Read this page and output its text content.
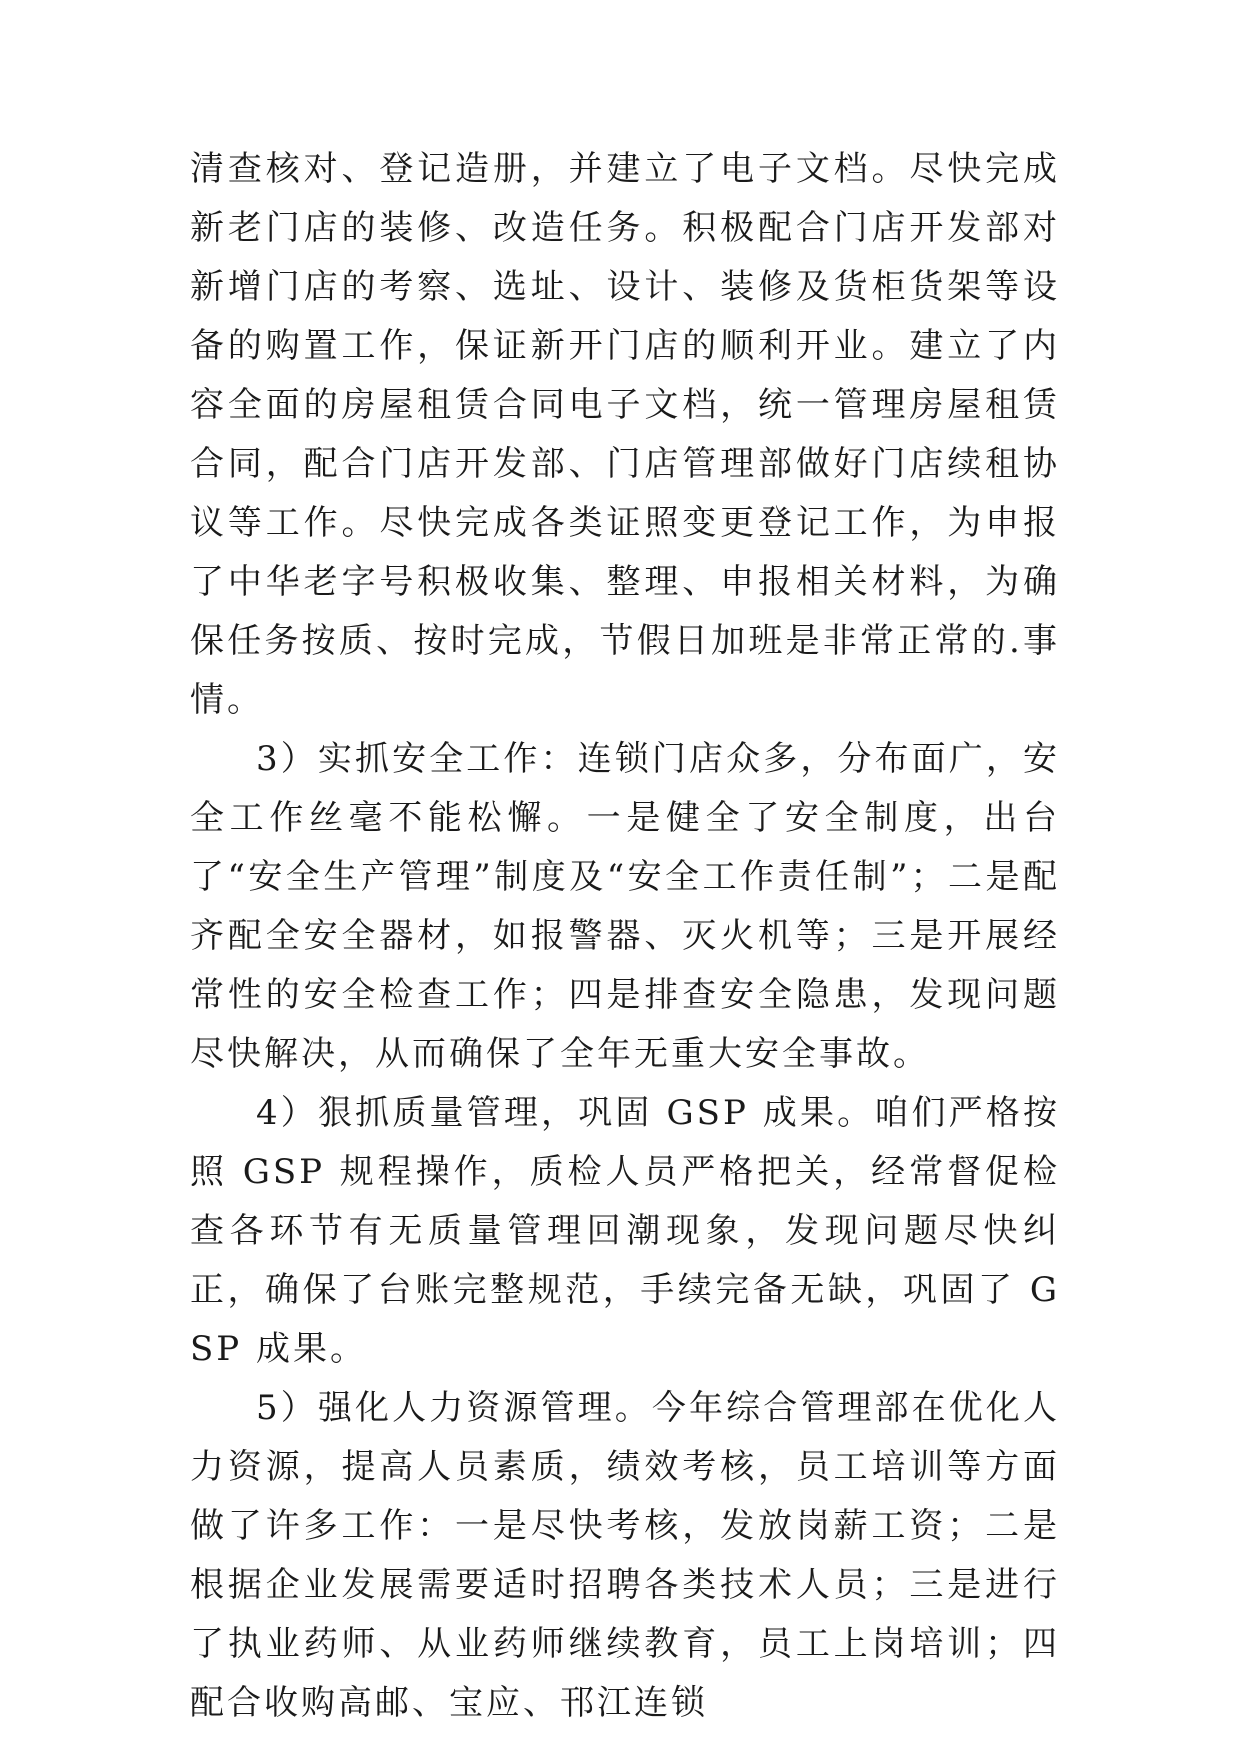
清查核对、登记造册，并建立了电子文档。尽快完成新老门店的装修、改造任务。积极配合门店开发部对新增门店的考察、选址、设计、装修及货柜货架等设备的购置工作，保证新开门店的顺利开业。建立了内容全面的房屋租赁合同电子文档，统一管理房屋租赁合同，配合门店开发部、门店管理部做好门店续租协议等工作。尽快完成各类证照变更登记工作，为申报了中华老字号积极收集、整理、申报相关材料，为确保任务按质、按时完成，节假日加班是非常正常的.事情。

3）实抓安全工作：连锁门店众多，分布面广，安全工作丝毫不能松懈。一是健全了安全制度，出台了“安全生产管理”制度及“安全工作责任制”；二是配齐配全安全器材，如报警器、灭火机等；三是开展经常性的安全检查工作；四是排查安全隐患，发现问题尽快解决，从而确保了全年无重大安全事故。

4）狠抓质量管理，巩固 GSP 成果。咱们严格按照 GSP 规程操作，质检人员严格把关，经常督促检查各环节有无质量管理回潮现象，发现问题尽快纠正，确保了台账完整规范，手续完备无缺，巩固了 GSP 成果。

5）强化人力资源管理。今年综合管理部在优化人力资源，提高人员素质，绩效考核，员工培训等方面做了许多工作：一是尽快考核，发放岗薪工资；二是根据企业发展需要适时招聘各类技术人员；三是进行了执业药师、从业药师继续教育，员工上岗培训；四配合收购高邮、宝应、邗江连锁
